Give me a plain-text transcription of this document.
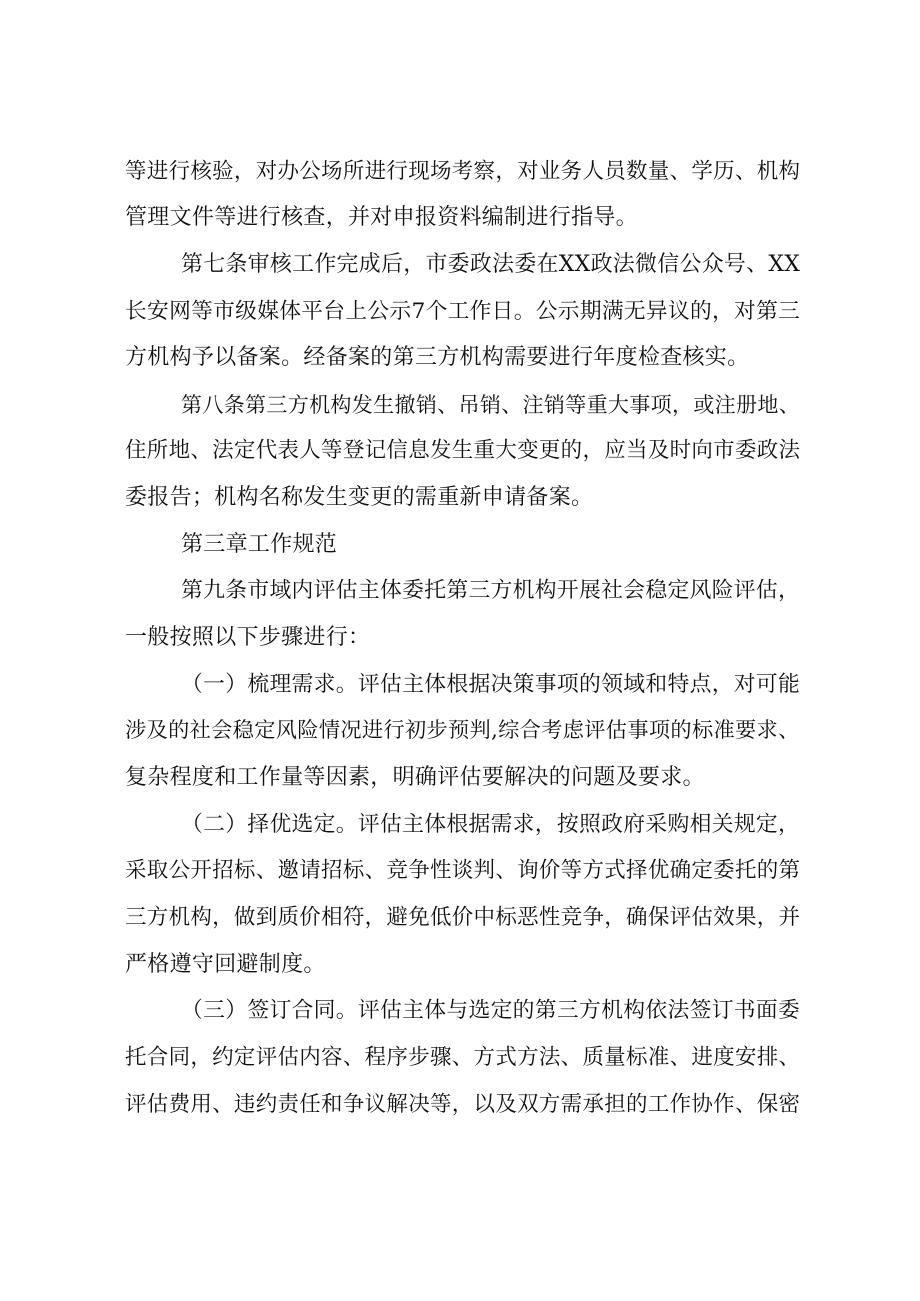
等进行核验，对办公场所进行现场考察，对业务人员数量、学历、机构
管理文件等进行核查，并对申报资料编制进行指导。
第七条审核工作完成后，市委政法委在XX政法微信公众号、XX
长安网等市级媒体平台上公示7个工作日。公示期满无异议的，对第三
方机构予以备案。经备案的第三方机构需要进行年度检查核实。
第八条第三方机构发生撤销、吊销、注销等重大事项，或注册地、
住所地、法定代表人等登记信息发生重大变更的，应当及时向市委政法
委报告；机构名称发生变更的需重新申请备案。
第三章工作规范
第九条市域内评估主体委托第三方机构开展社会稳定风险评估，
一般按照以下步骤进行：
（一）梳理需求。评估主体根据决策事项的领域和特点，对可能
涉及的社会稳定风险情况进行初步预判,综合考虑评估事项的标准要求、
复杂程度和工作量等因素，明确评估要解决的问题及要求。
（二）择优选定。评估主体根据需求，按照政府采购相关规定，
采取公开招标、邀请招标、竞争性谈判、询价等方式择优确定委托的第
三方机构，做到质价相符，避免低价中标恶性竞争，确保评估效果，并
严格遵守回避制度。
（三）签订合同。评估主体与选定的第三方机构依法签订书面委
托合同，约定评估内容、程序步骤、方式方法、质量标准、进度安排、
评估费用、违约责任和争议解决等，以及双方需承担的工作协作、保密
